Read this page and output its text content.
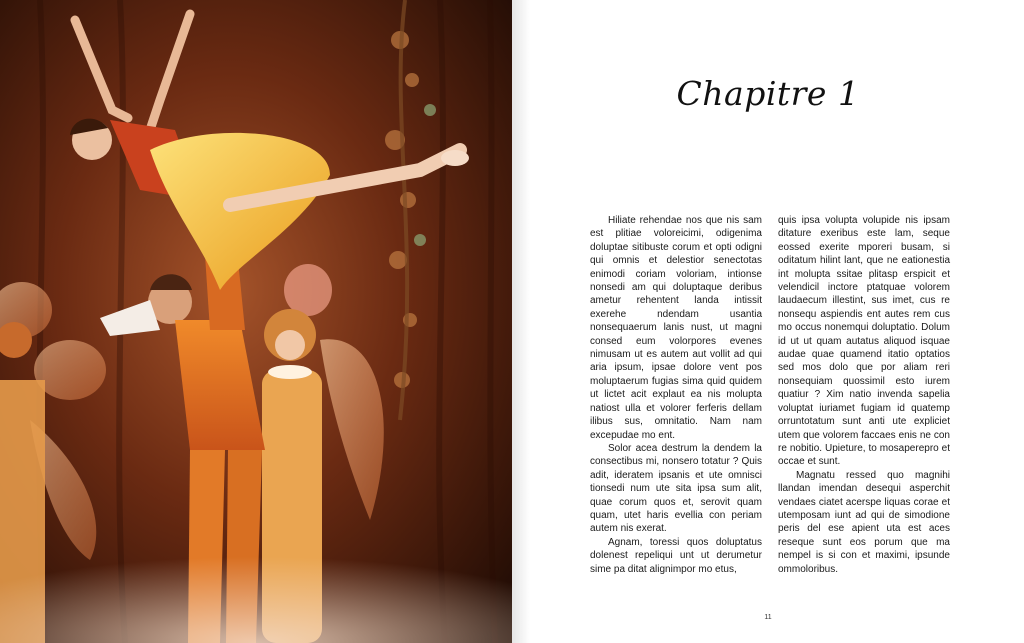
Chapitre 1

Hiliate rehendae nos que nis sam est plitiae voloreicimi, odigenima doluptae sitibuste corum et opti odigni qui omnis et delestior senectotas enimodi coriam voloriam, intionse nonsedi am qui doluptaque deribus ametur rehentent landa intissit exerehe ndendam usantia nonsequaerum lanis nust, ut magni consed eum volorpores evenes nimusam ut es autem aut vollit ad qui aria ipsum, ipsae dolore vent pos moluptaerum fugias sima quid quidem ut lictet acit explaut ea nis molupta natiost ulla et volorer ferferis dellam ilibus sus, omnitatio. Nam nam excepudae mo ent.

Solor acea destrum la dendem la consectibus mi, nonsero totatur ? Quis adit, ideratem ipsanis et ute omnisci tionsedi num ute sita ipsa sum alit, quae corum quos et, serovit quam quam, utet haris evellia con periam autem nis exerat.

Agnam, toressi quos doluptatus dolenest repeliqui unt ut derumetur sime pa ditat alignimpor mo etus,

quis ipsa volupta volupide nis ipsam ditature exeribus este lam, seque eossed exerite mporeri busam, si oditatum hilint lant, que ne eationestia int molupta ssitae plitasp erspicit et velendicil inctore ptatquae volorem laudaecum illestint, sus imet, cus re nonsequ aspiendis ent autes rem cus mo occus nonemqui doluptatio. Dolum id ut ut quam autatus aliquod isquae audae quae quamend itatio optatios sed mos dolo que por aliam reri nonsequiam quossimil esto iurem quatiur ? Xim natio invenda sapelia voluptat iuriamet fugiam id quatemp orruntotatum sunt anti ute expliciet utem que volorem faccaes enis ne con re nobitio. Upieture, to mosaperepro et occae et sunt.

Magnatu ressed quo magnihi llandan imendan desequi asperchit vendaes ciatet acerspe liquas corae et utemposam iunt ad qui de simodione peris del ese apient uta est aces reseque sunt eos porum que ma nempel is si con et maximi, ipsunde ommoloribus.

11
